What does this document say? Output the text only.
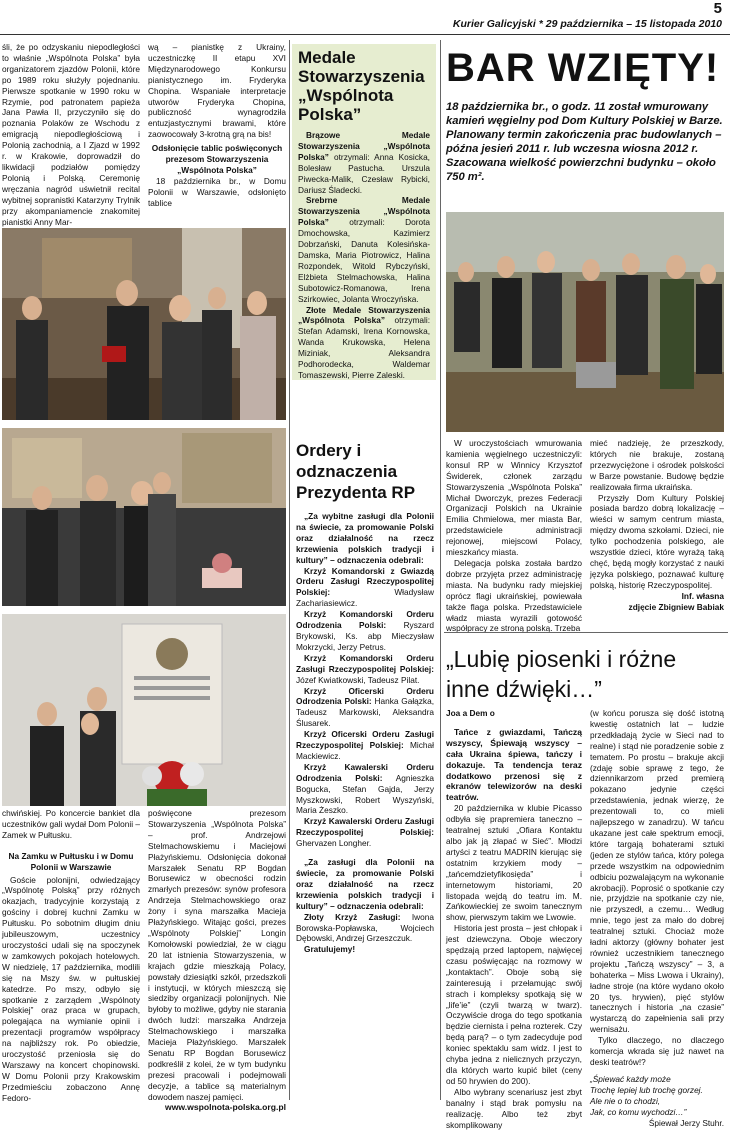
5
Kurier Galicyjski * 29 października – 15 listopada 2010

śli, że po odzyskaniu niepodległości to właśnie „Wspólnota Polska” była organizatorem zjazdów Polonii, które po 1989 roku służyły pojednaniu. Pierwsze spotkanie w 1990 roku w Rzymie, pod patronatem papieża Jana Pawła II, przyczyniło się do poznania Polaków ze Wschodu z emigracją niepodległościową i Polonią zachodnią, a I Zjazd w 1992 r. w Krakowie, doprowadził do likwidacji podziałów pomiędzy Polonią i Polską. Ceremonię wręczania nagród uświetnił recital wybitnej sopranistki Katarzyny Trylnik przy akompaniamencie znakomitej pianistki Anny Mar-

wą – pianistkę z Ukrainy, uczestniczkę II etapu XVI Międzynarodowego Konkursu pianistycznego im. Fryderyka Chopina. Wspaniałe interpretacje utworów Fryderyka Chopina, publiczność wynagrodziła entuzjastycznymi brawami, które zaowocowały 3-krotną grą na bis!

Odsłonięcie tablic poświęconych prezesom Stowarzyszenia „Wspólnota Polska”

18 października br., w Domu Polonii w Warszawie, odsłonięto tablice

chwińskiej. Po koncercie bankiet dla uczestników gali wydał Dom Polonii – Zamek w Pułtusku.

Na Zamku w Pułtusku i w Domu Polonii w Warszawie

Goście polonijni, odwiedzający „Wspólnotę Polską” przy różnych okazjach, tradycyjnie korzystają z gościny i dobrej kuchni Zamku w Pułtusku. Po sobotnim długim dniu jubileuszowym, uczestnicy uroczystości udali się na spoczynek w zamkowych pokojach hotelowych. W niedzielę, 17 października, modlili się na Mszy św. w pułtuskiej katedrze. Po mszy, odbyło się spotkanie z zarządem „Wspólnoty Polskiej” oraz praca w grupach, polegająca na wymianie opinii i prezentacji programów współpracy na najbliższy rok. Po obiedzie, uroczystość przeniosła się do Warszawy na koncert chopinowski. W Domu Polonii przy Krakowskim Przedmieściu zobaczono Annę Fedoro-

poświęcone prezesom Stowarzyszenia „Wspólnota Polska” – prof. Andrzejowi Stelmachowskiemu i Maciejowi Płażyńskiemu. Odsłonięcia dokonał Marszałek Senatu RP Bogdan Borusewicz w obecności rodzin zmarłych prezesów: synów profesora Andrzeja Stelmachowskiego oraz żony i syna marszałka Macieja Płażyńskiego. Witając gości, prezes „Wspólnoty Polskiej” Longin Komołowski powiedział, że w ciągu 20 lat istnienia Stowarzyszenia, w krajach gdzie mieszkają Polacy, powstały dziesiątki szkół, przedszkoli i instytucji, w których mieszczą się siedziby organizacji polonijnych. Nie byłoby to możliwe, gdyby nie starania dwóch ludzi: marszałka Andrzeja Stelmachowskiego i marszałka Macieja Płażyńskiego. Marszałek Senatu RP Bogdan Borusewicz podkreślił z kolei, że w tym budynku prezesi pracowali i podejmowali decyzje, a tablice są materialnym dowodem naszej pamięci.

www.wspolnota-polska.org.pl

Medale Stowarzyszenia „Wspólnota Polska”

Brązowe Medale Stowarzyszenia „Wspólnota Polska” otrzymali: Anna Kosicka, Bolesław Pastucha. Urszula Piwecka-Malik, Czesław Rybicki, Dariusz Śladecki.

Srebrne Medale Stowarzyszenia „Wspólnota Polska” otrzymali: Dorota Dmochowska, Kazimierz Dobrzański, Danuta Kolesińska-Damska, Maria Piotrowicz, Halina Rozpondek, Witold Rybczyński, Elżbieta Stelmachowska, Halina Subotowicz-Romanowa, Irena Szirkowiec, Jolanta Wroczyńska.

Złote Medale Stowarzyszenia „Wspólnota Polska” otrzymali: Stefan Adamski, Irena Kornowska, Wanda Krukowska, Helena Miziniak, Aleksandra Podhorodecka, Waldemar Tomaszewski, Pierre Zaleski.

Ordery i odznaczenia Prezydenta RP

„Za wybitne zasługi dla Polonii na świecie, za promowanie Polski oraz działalność na rzecz krzewienia polskich tradycji i kultury” – odznaczenia odebrali:

Krzyż Komandorski z Gwiazdą Orderu Zasługi Rzeczypospolitej Polskiej:	Władysław Zachariasiewicz.

Krzyż Komandorski Orderu Odrodzenia Polski: Ryszard Brykowski, Ks. abp Mieczysław Mokrzycki, Jerzy Petrus.

Krzyż Komandorski Orderu Zasługi Rzeczypospolitej Polskiej: Józef Kwiatkowski, Tadeusz Pilat.

Krzyż Oficerski Orderu Odrodzenia Polski: Hanka Gałązka, Tadeusz Markowski, Aleksandra Ślusarek.

Krzyż Oficerski Orderu Zasługi Rzeczypospolitej Polskiej: Michał Mackiewicz.

Krzyż Kawalerski Orderu Odrodzenia Polski: Agnieszka Bogucka, Stefan Gajda, Jerzy Myszkowski, Robert Wyszyński, Maria Żeszko.

Krzyż Kawalerski Orderu Zasługi Rzeczypospolitej Polskiej: Ghervazen Longher.

„Za zasługi dla Polonii na świecie, za promowanie Polski oraz działalność na rzecz krzewienia polskich tradycji i kultury” – odznaczenia odebrali:

Złoty Krzyż Zasługi: Iwona Borowska-Popławska, Wojciech Dębowski, Andrzej Grzeszczuk.

Gratulujemy!

BAR WZIĘTY!
18 października br., o godz. 11 został wmurowany kamień węgielny pod Dom Kultury Polskiej w Barze. Planowany termin zakończenia prac budowlanych – późna jesień 2011 r. lub wczesna wiosna 2012 r. Szacowana wielkość powierzchni budynku – około 750 m².

W uroczystościach wmurowania kamienia węgielnego uczestniczyli: konsul RP w Winnicy Krzysztof Świderek, członek zarządu Stowarzyszenia „Wspólnota Polska” Michał Dworczyk, prezes Federacji Organizacji Polskich na Ukrainie Emilia Chmielowa, mer miasta Bar, przedstawiciele administracji rejonowej, miejscowi Polacy, mieszkańcy miasta.

Delegacja polska została bardzo dobrze przyjęta przez administrację miasta. Na budynku rady miejskiej oprócz flagi ukraińskiej, powiewała także flaga polska. Przedstawiciele władz miasta wyrazili gotowość współpracy ze stroną polską. Trzeba

mieć nadzieję, że przeszkody, których nie brakuje, zostaną przezwyciężone i ośrodek polskości w Barze powstanie. Budowę będzie realizowała firma ukraińska.

Przyszły Dom Kultury Polskiej posiada bardzo dobrą lokalizację – wieści w samym centrum miasta, między dwoma szkołami. Dzieci, nie tylko pochodzenia polskiego, ale wszystkie dzieci, które wyrażą taką chęć, będą mogły korzystać z nauki języka polskiego, poznawać kulturę polską, historię Rzeczypospolitej.

Inf. własna

zdjęcie Zbigniew Babiak

„Lubię piosenki i różne inne dźwięki…”

Joa a Dem o

Tańce z gwiazdami, Tańczą wszyscy, Śpiewają wszyscy – cała Ukraina śpiewa, tańczy i dokazuje. Ta tendencja teraz dodatkowo przenosi się z ekranów telewizorów na deski teatrów.

20 października w klubie Picasso odbyła się prapremiera taneczno – teatralnej sztuki „Ofiara Kontaktu albo jak ją złapać w Sieć”. Młodzi artyści z teatru MADRIN kierując się ostatnim krzykiem mody – „tańcemdzietyfikosięda” i internetowym historiami, 20 listopada wejdą do teatru im. M. Zańkowieckiej ze swoim tanecznym show, pierwszym takim we Lwowie.

Historia jest prosta – jest chłopak i jest dziewczyna. Oboje wieczory spędzają przed laptopem, najwięcej czasu poświęcając na rozmowy w „kontaktach”. Oboje sobą się zainteresują i przełamując swój strach i kompleksy spotkają się w „life’ie” (czyli twarzą w twarz). Oczywiście droga do tego spotkania będzie ciernista i pełna rozterek. Czy będą parą? – o tym zadecyduje pod koniec spektaklu sam widz. I jest to chyba jedna z nielicznych przyczyn, dla których warto kupić bilet (ceny od 50 hrywien do 200).

Albo wybrany scenariusz jest zbyt banalny i stąd brak pomysłu na realizację. Albo też zbyt skomplikowany

(w końcu porusza się dość istotną kwestię ostatnich lat – ludzie przedkładają życie w Sieci nad to realne) i stąd nie poradzenie sobie z tematem. Po prostu – brakuje akcji (zdaję sobie sprawę z tego, że dziennikarzom przed premierą pokazano jedynie części przedstawienia, jednak wierzę, że prezentowali to, co mieli najlepszego w zanadrzu). W tańcu ukazane jest całe spektrum emocji, które targają bohaterami sztuki (jeden ze stylów tańca, który polega przede wszystkim na odpowiednim odbiciu pozwalającym na wykonanie akrobacji). Poprosić o spotkanie czy nie, przyjdzie na spotkanie czy nie, nie przyszedł, a czemu… Według mnie, tego jest za mało do dobrej teatralnej sztuki. Chociaż może ładni aktorzy (główny bohater jest również uczestnikiem tanecznego projektu „Tańczą wszyscy” – 3, a bohaterka – Miss Lwowa i Ukrainy), ładne stroje (na które wydano około 20 tys. hrywien), pięć stylów tanecznych i historia „na czasie” wystarczą do zapełnienia sali przy wernisażu.

Tylko dlaczego, no dlaczego komercja wkrada się już nawet na deski teatrów!?

„Śpiewać każdy może

Trochę lepiej lub trochę gorzej.

Ale nie o to chodzi,

Jak, co komu wychodzi…”

Śpiewał Jerzy Stuhr.
